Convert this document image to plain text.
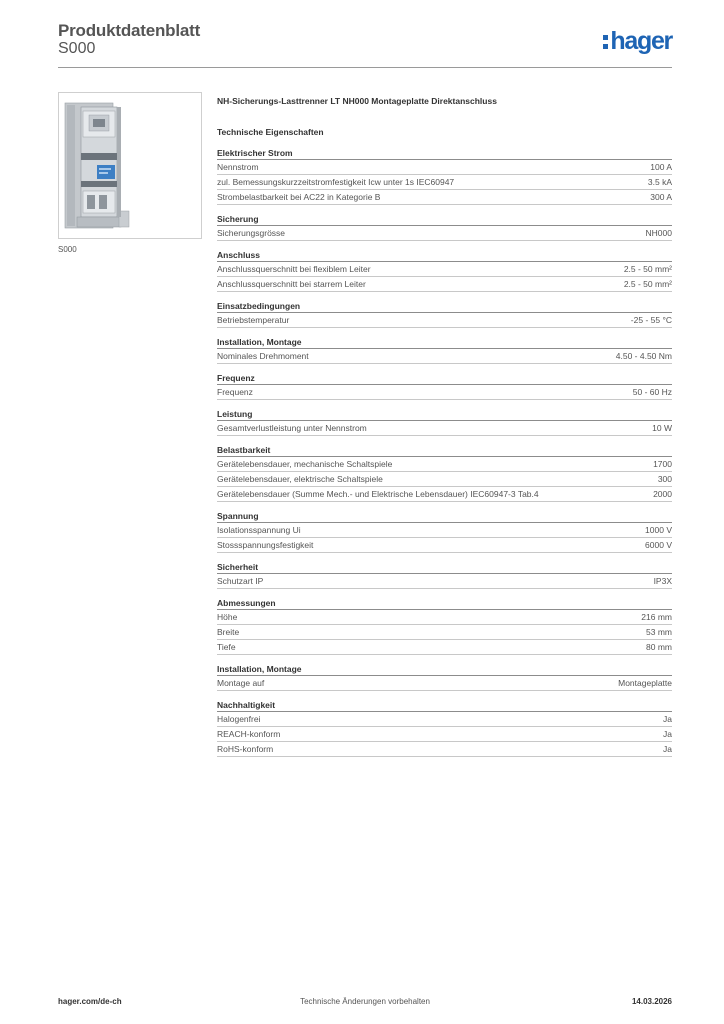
Produktdatenblatt
S000	hager
S000
NH-Sicherungs-Lasttrenner LT NH000 Montageplatte Direktanschluss
Technische Eigenschaften
Elektrischer Strom
Nennstrom	100 A
zul. Bemessungskurzzeitstromfestigkeit Icw unter 1s IEC60947	3.5 kA
Strombelastbarkeit bei AC22 in Kategorie B	300 A
Sicherung
Sicherungsgrösse	NH000
Anschluss
Anschlussquerschnitt bei flexiblem Leiter	2.5 - 50 mm²
Anschlussquerschnitt bei starrem Leiter	2.5 - 50 mm²
Einsatzbedingungen
Betriebstemperatur	-25 - 55 °C
Installation, Montage
Nominales Drehmoment	4.50 - 4.50 Nm
Frequenz
Frequenz	50 - 60 Hz
Leistung
Gesamtverlustleistung unter Nennstrom	10 W
Belastbarkeit
Gerätelebensdauer, mechanische Schaltspiele	1700
Gerätelebensdauer, elektrische Schaltspiele	300
Gerätelebensdauer (Summe Mech.- und Elektrische Lebensdauer) IEC60947-3 Tab.4	2000
Spannung
Isolationsspannung Ui	1000 V
Stossspannungsfestigkeit	6000 V
Sicherheit
Schutzart IP	IP3X
Abmessungen
Höhe	216 mm
Breite	53 mm
Tiefe	80 mm
Installation, Montage
Montage auf	Montageplatte
Nachhaltigkeit
Halogenfrei	Ja
REACH-konform	Ja
RoHS-konform	Ja
Technische Änderungen vorbehalten
hager.com/de-ch	14.03.2026
